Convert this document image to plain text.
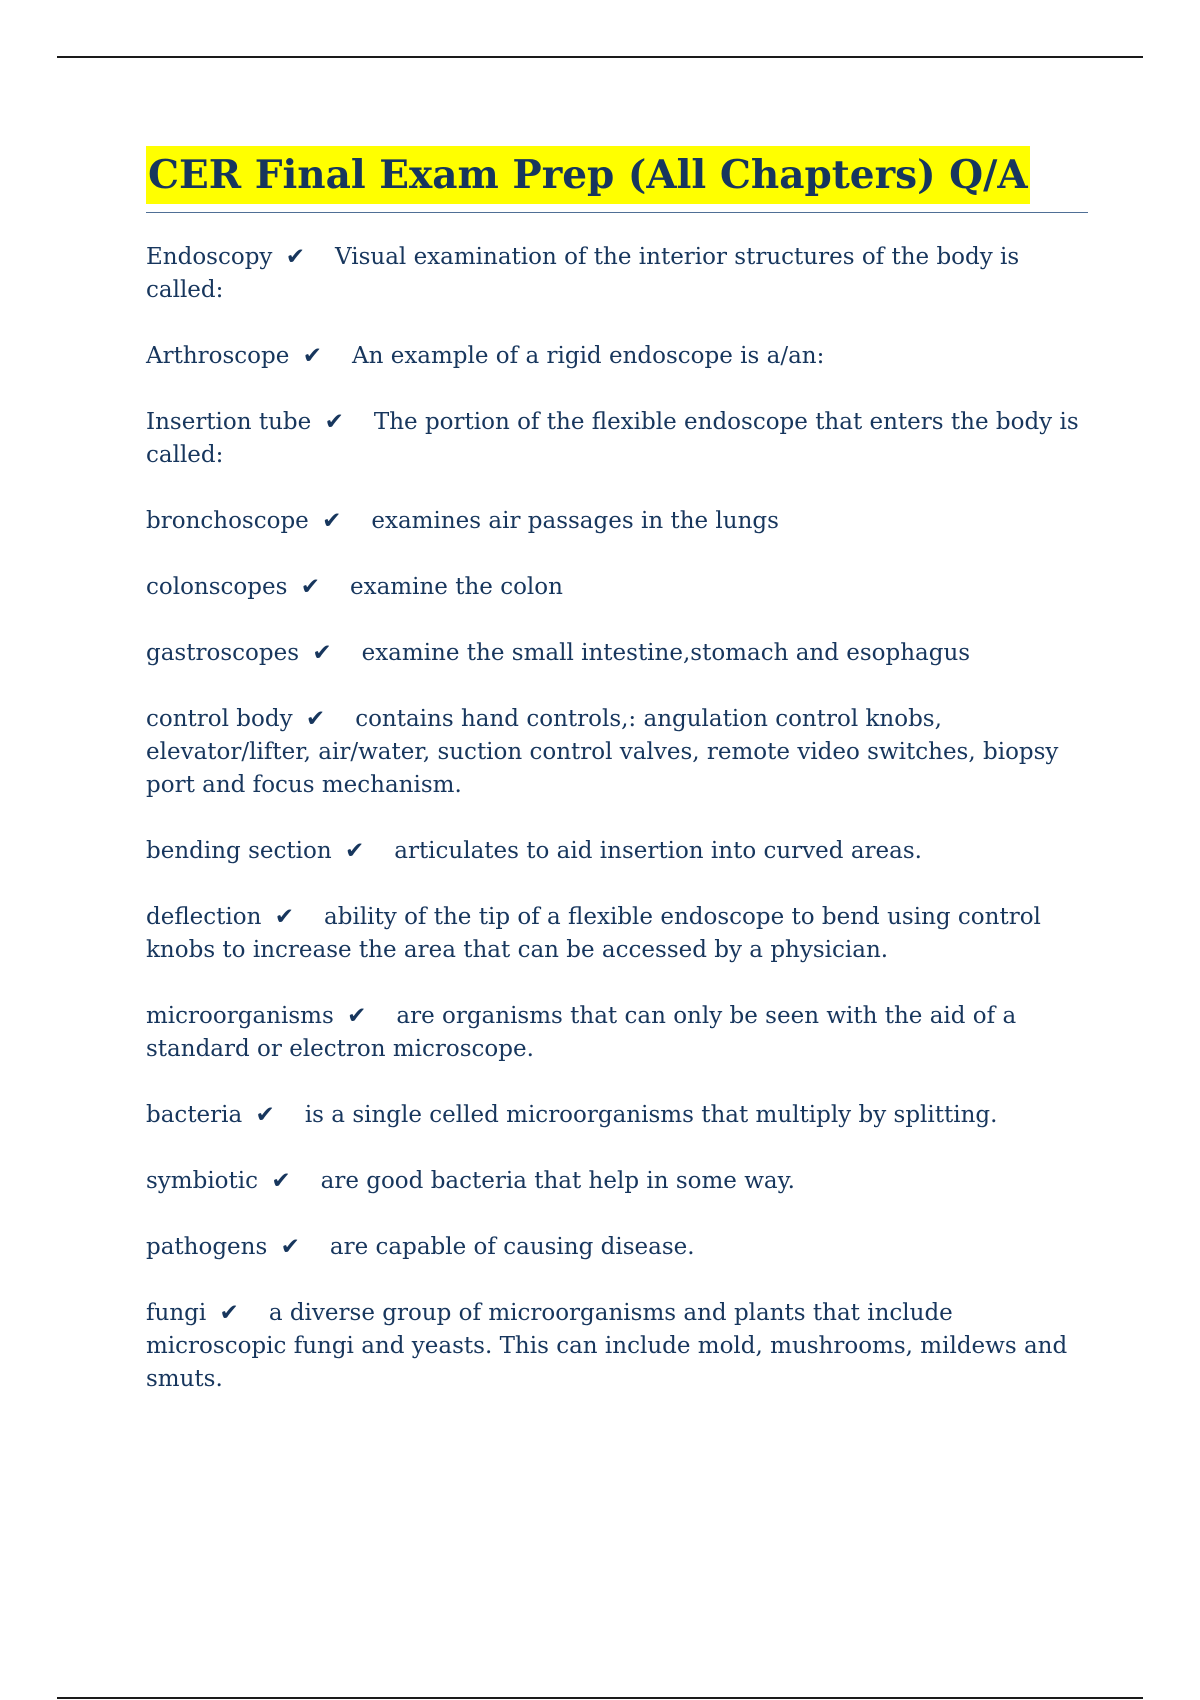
CER Final Exam Prep (All Chapters) Q/A
Endoscopy ✔ Visual examination of the interior structures of the body is called:
Arthroscope ✔ An example of a rigid endoscope is a/an:
Insertion tube ✔ The portion of the flexible endoscope that enters the body is called:
bronchoscope ✔ examines air passages in the lungs
colonscopes ✔ examine the colon
gastroscopes ✔ examine the small intestine,stomach and esophagus
control body ✔ contains hand controls,: angulation control knobs, elevator/lifter, air/water, suction control valves, remote video switches, biopsy port and focus mechanism.
bending section ✔ articulates to aid insertion into curved areas.
deflection ✔ ability of the tip of a flexible endoscope to bend using control knobs to increase the area that can be accessed by a physician.
microorganisms ✔ are organisms that can only be seen with the aid of a standard or electron microscope.
bacteria ✔ is a single celled microorganisms that multiply by splitting.
symbiotic ✔ are good bacteria that help in some way.
pathogens ✔ are capable of causing disease.
fungi ✔ a diverse group of microorganisms and plants that include microscopic fungi and yeasts. This can include mold, mushrooms, mildews and smuts.
